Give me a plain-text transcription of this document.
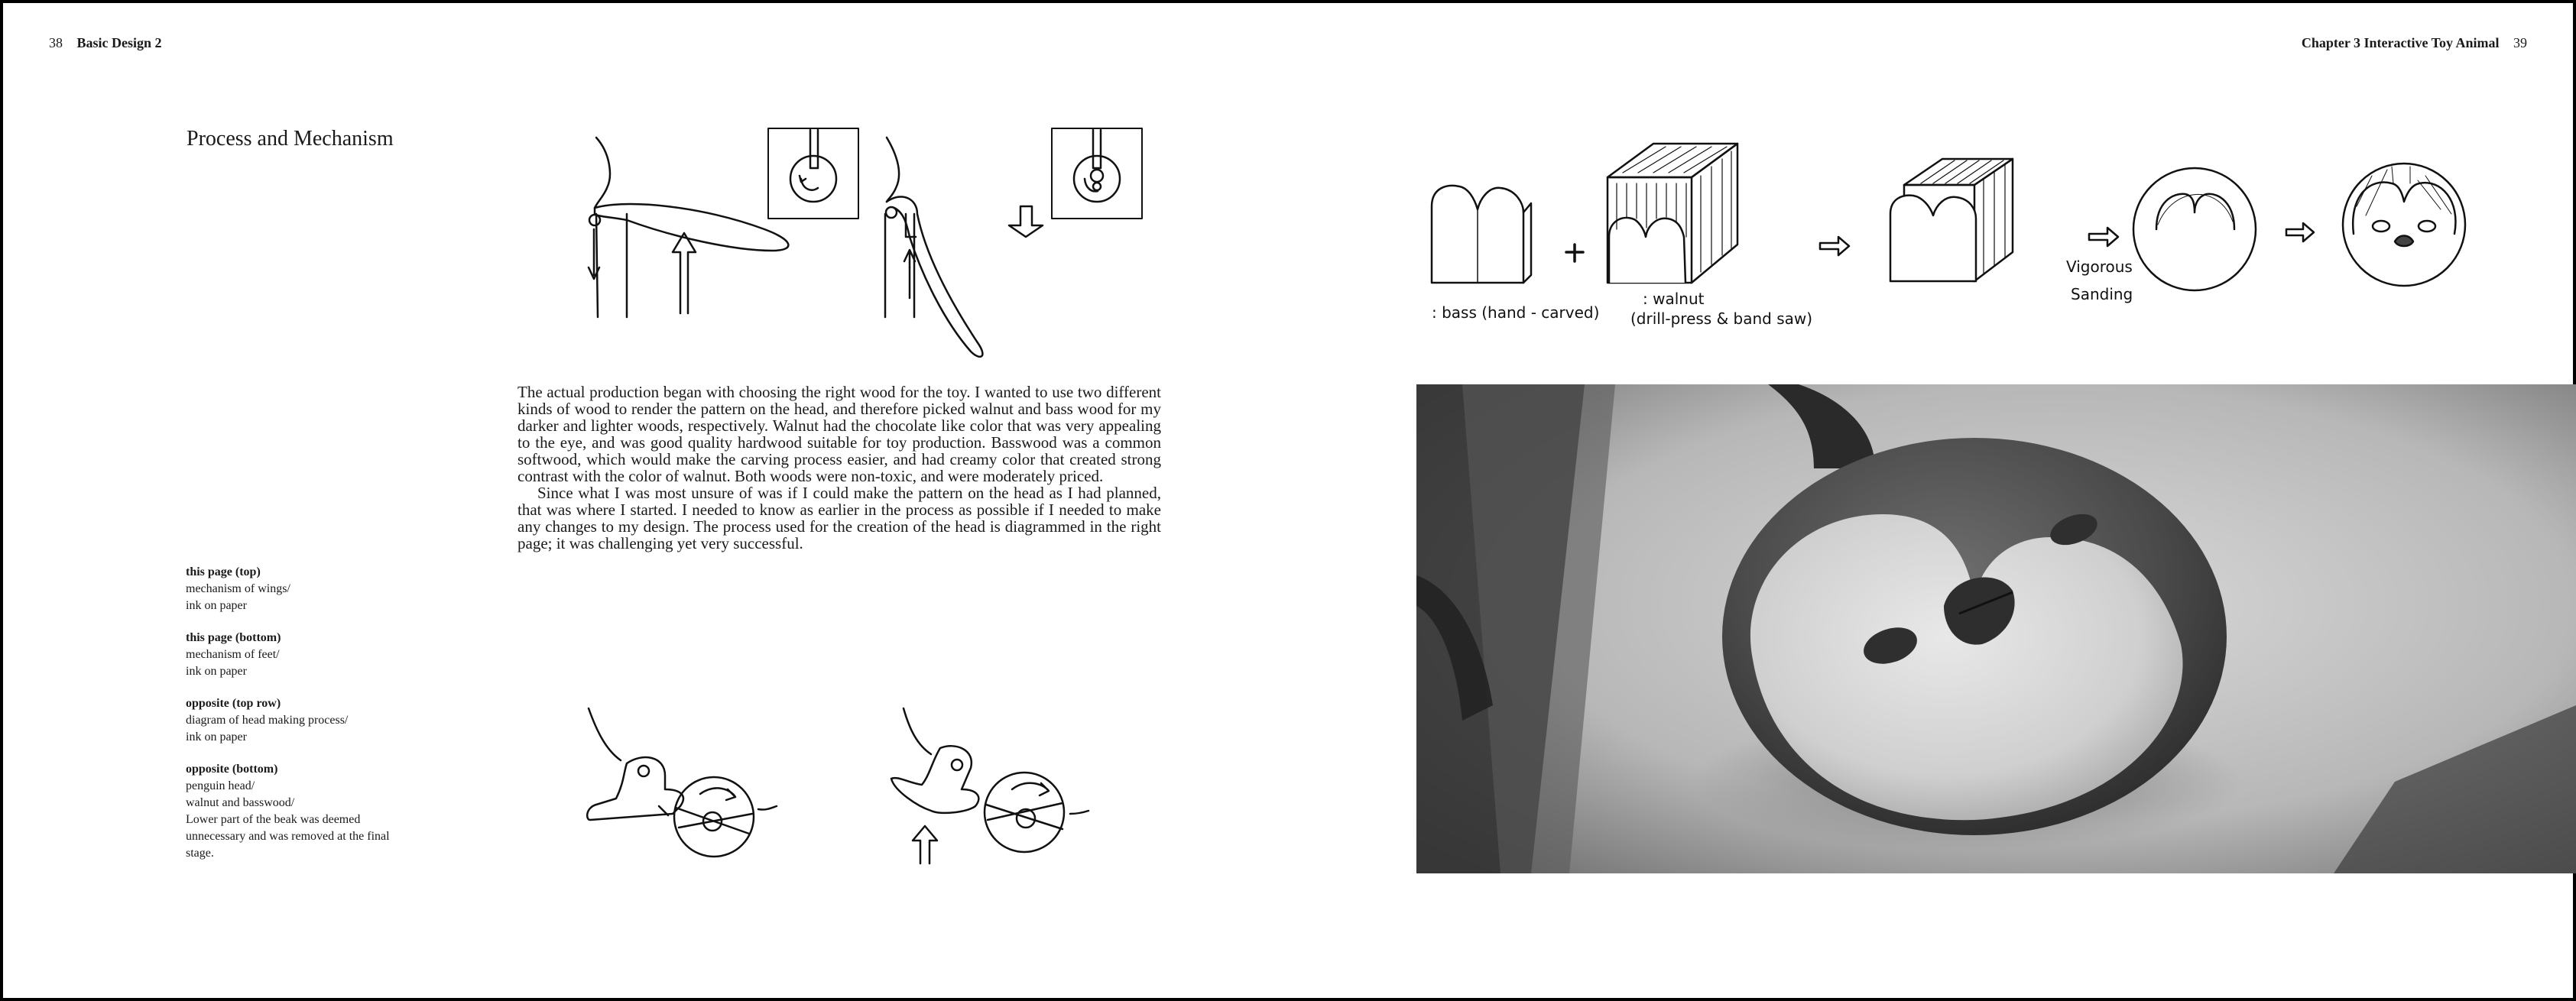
38 Basic Design 2
Process and Mechanism

The actual production began with choosing the right wood for the toy. I wanted to use two different kinds of wood to render the pattern on the head, and therefore picked walnut and bass wood for my darker and lighter woods, respectively. Walnut had the chocolate like color that was very appealing to the eye, and was good quality hardwood suitable for toy production. Basswood was a common softwood, which would make the carving process easier, and had creamy color that created strong contrast with the color of walnut. Both woods were non-toxic, and were moderately priced.

Since what I was most unsure of was if I could make the pattern on the head as I had planned, that was where I started. I needed to know as earlier in the process as possible if I needed to make any changes to my design. The process used for the creation of the head is diagrammed in the right page; it was challenging yet very successful.

this page (top)
mechanism of wings/
ink on paper
this page (bottom)
mechanism of feet/
ink on paper
opposite (top row)
diagram of head making process/
ink on paper
opposite (bottom)
penguin head/
walnut and basswood/
Lower part of the beak was deemed
unnecessary and was removed at the final
stage.
Chapter 3 Interactive Toy Animal 39
: bass (hand - carved)
: walnut
(drill-press & band saw)
Vigorous
Sanding
